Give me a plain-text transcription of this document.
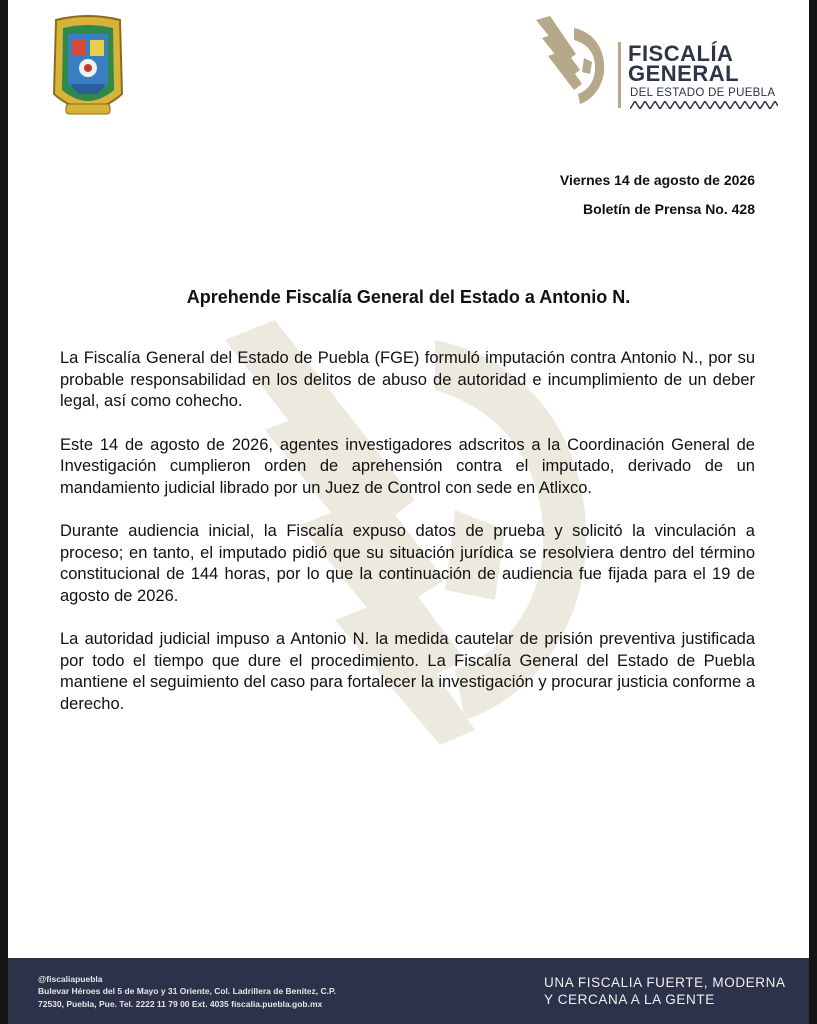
FISCALÍA
GENERAL
DEL ESTADO DE PUEBLA
Viernes 14 de agosto de 2026
Boletín de Prensa No. 428
Aprehende Fiscalía General del Estado a Antonio N.

La Fiscalía General del Estado de Puebla (FGE) formuló imputación contra Antonio N., por su probable responsabilidad en los delitos de abuso de autoridad e incumplimiento de un deber legal, así como cohecho.

Este 14 de agosto de 2026, agentes investigadores adscritos a la Coordinación General de Investigación cumplieron orden de aprehensión contra el imputado, derivado de un mandamiento judicial librado por un Juez de Control con sede en Atlixco.

Durante audiencia inicial, la Fiscalía expuso datos de prueba y solicitó la vinculación a proceso; en tanto, el imputado pidió que su situación jurídica se resolviera dentro del término constitucional de 144 horas, por lo que la continuación de audiencia fue fijada para el 19 de agosto de 2026.

La autoridad judicial impuso a Antonio N. la medida cautelar de prisión preventiva justificada por todo el tiempo que dure el procedimiento. La Fiscalía General del Estado de Puebla mantiene el seguimiento del caso para fortalecer la investigación y procurar justicia conforme a derecho.

@fiscaliapuebla
Bulevar Héroes del 5 de Mayo y 31 Oriente, Col. Ladrillera de Benítez, C.P.
72530, Puebla, Pue. Tel. 2222 11 79 00 Ext. 4035 fiscalia.puebla.gob.mx
UNA FISCALIA FUERTE, MODERNA
Y CERCANA A LA GENTE
